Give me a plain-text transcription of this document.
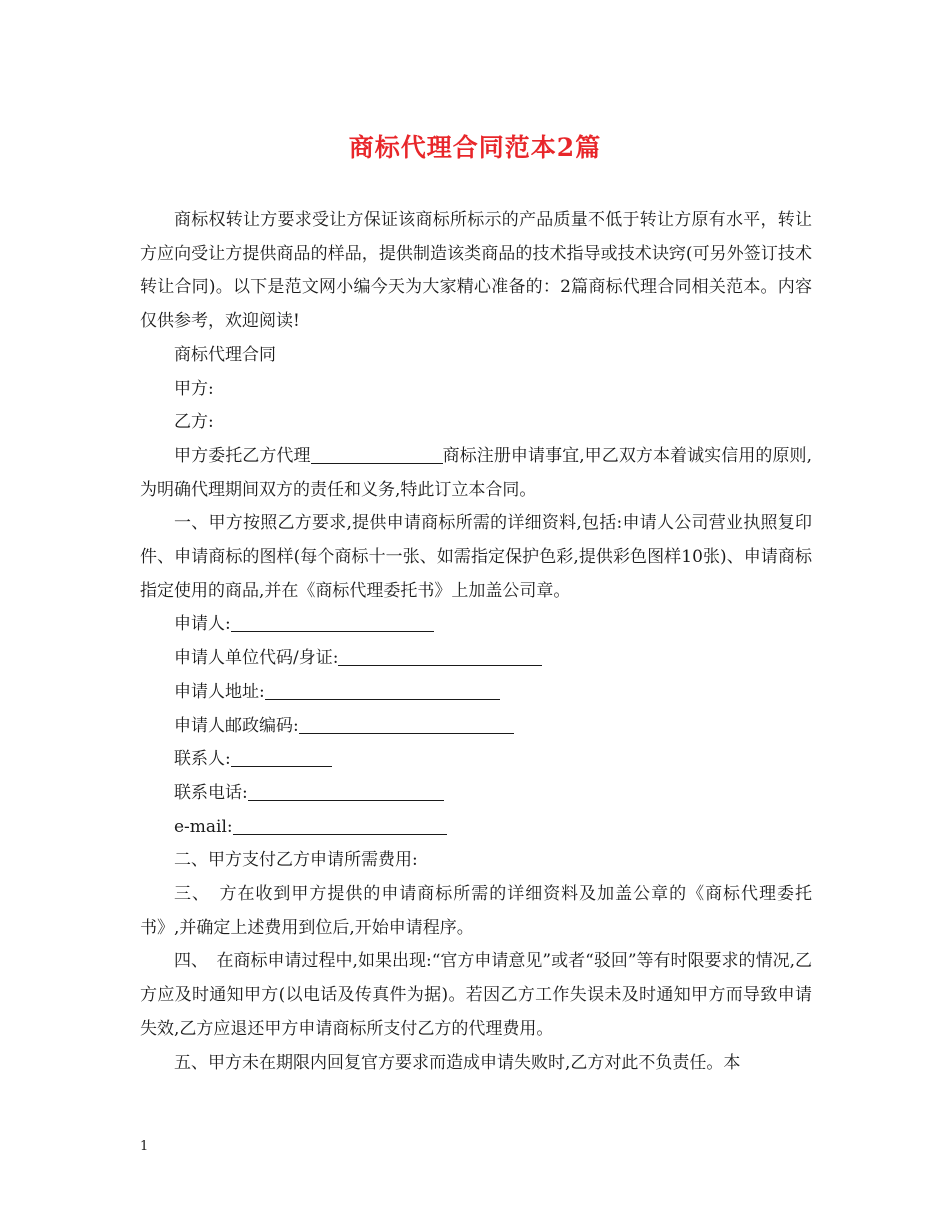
商标代理合同范本2篇

商标权转让方要求受让方保证该商标所标示的产品质量不低于转让方原有水平，转让方应向受让方提供商品的样品，提供制造该类商品的技术指导或技术诀窍(可另外签订技术转让合同)。以下是范文网小编今天为大家精心准备的：2篇商标代理合同相关范本。内容仅供参考，欢迎阅读!

商标代理合同

甲方:

乙方:

甲方委托乙方代理	商标注册申请事宜,甲乙双方本着诚实信用的原则,为明确代理期间双方的责任和义务,特此订立本合同。

一、甲方按照乙方要求,提供申请商标所需的详细资料,包括:申请人公司营业执照复印件、申请商标的图样(每个商标十一张、如需指定保护色彩,提供彩色图样10张)、申请商标指定使用的商品,并在《商标代理委托书》上加盖公司章。

申请人:

申请人单位代码/身证:

申请人地址:

申请人邮政编码:

联系人:

联系电话:

e-mail:

二、甲方支付乙方申请所需费用:

三、　方在收到甲方提供的申请商标所需的详细资料及加盖公章的《商标代理委托书》,并确定上述费用到位后,开始申请程序。

四、　在商标申请过程中,如果出现:“官方申请意见”或者“驳回”等有时限要求的情况,乙方应及时通知甲方(以电话及传真件为据)。若因乙方工作失误未及时通知甲方而导致申请失效,乙方应退还甲方申请商标所支付乙方的代理费用。

五、甲方未在期限内回复官方要求而造成申请失败时,乙方对此不负责任。本

1
